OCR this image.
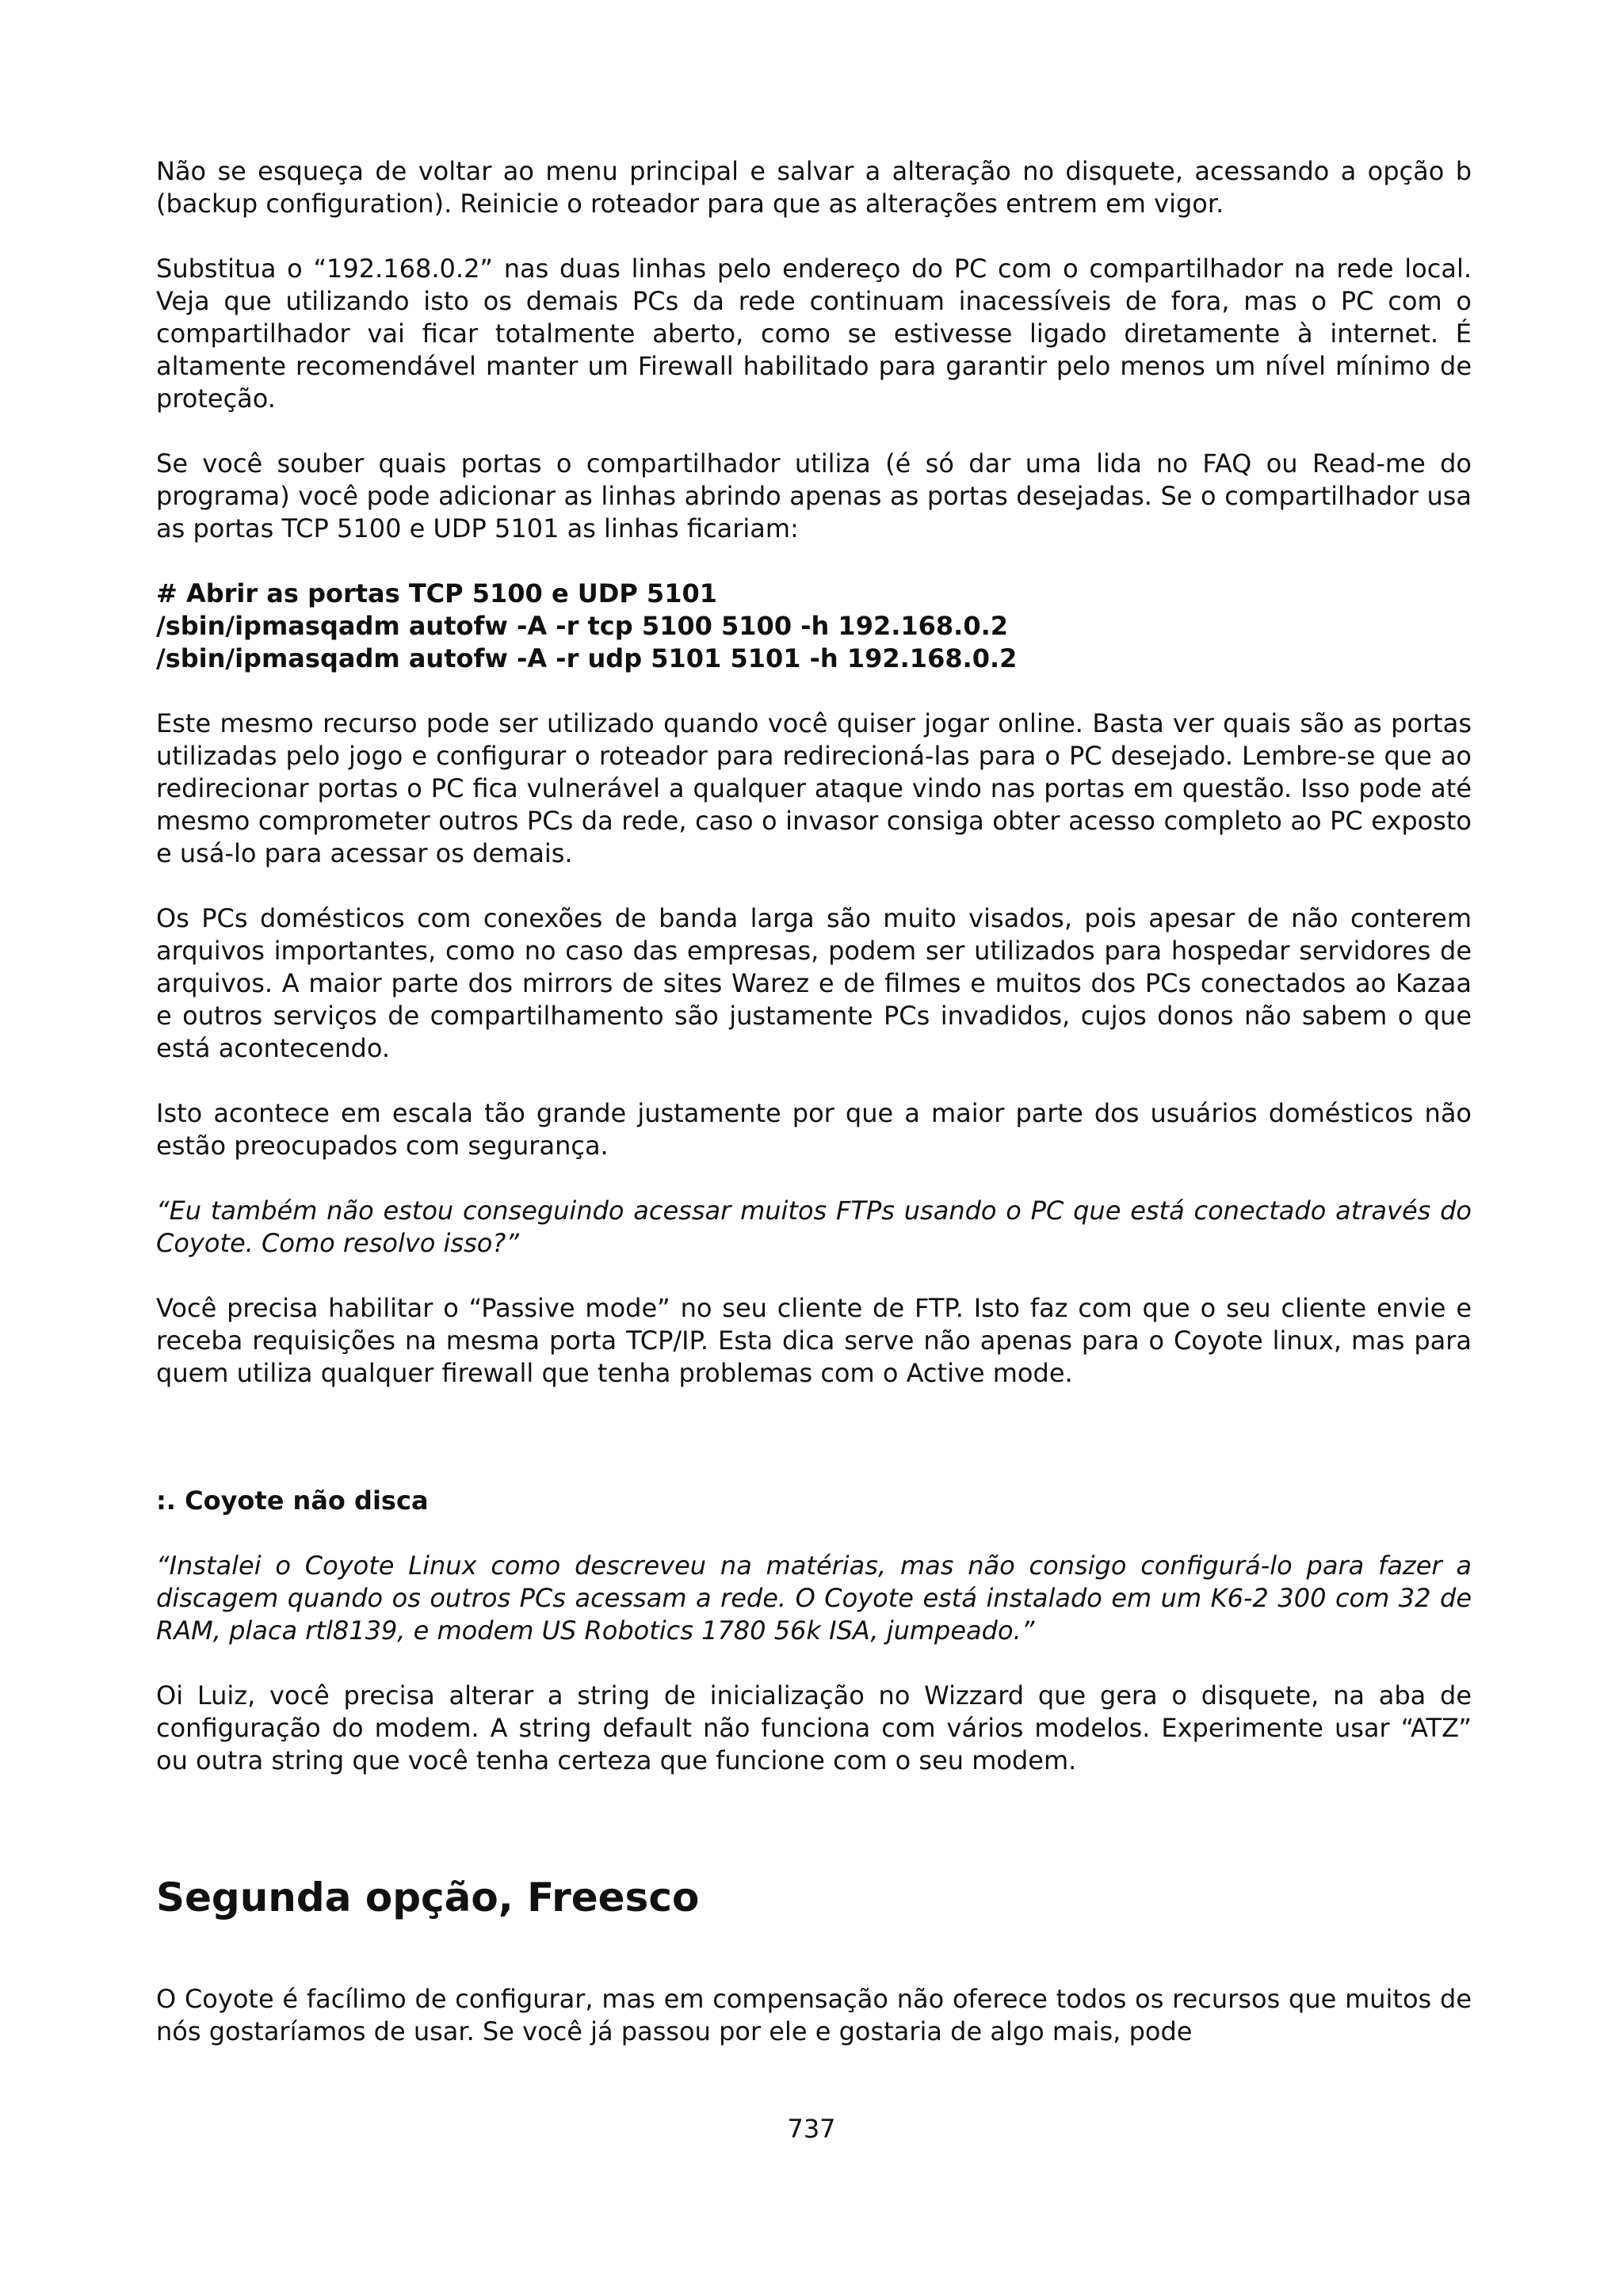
Não se esqueça de voltar ao menu principal e salvar a alteração no disquete, acessando a opção b (backup configuration). Reinicie o roteador para que as alterações entrem em vigor.

Substitua o “192.168.0.2” nas duas linhas pelo endereço do PC com o compartilhador na rede local. Veja que utilizando isto os demais PCs da rede continuam inacessíveis de fora, mas o PC com o compartilhador vai ficar totalmente aberto, como se estivesse ligado diretamente à internet. É altamente recomendável manter um Firewall habilitado para garantir pelo menos um nível mínimo de proteção.

Se você souber quais portas o compartilhador utiliza (é só dar uma lida no FAQ ou Read-me do programa) você pode adicionar as linhas abrindo apenas as portas desejadas. Se o compartilhador usa as portas TCP 5100 e UDP 5101 as linhas ficariam:

# Abrir as portas TCP 5100 e UDP 5101
/sbin/ipmasqadm autofw -A -r tcp 5100 5100 -h 192.168.0.2
/sbin/ipmasqadm autofw -A -r udp 5101 5101 -h 192.168.0.2

Este mesmo recurso pode ser utilizado quando você quiser jogar online. Basta ver quais são as portas utilizadas pelo jogo e configurar o roteador para redirecioná-las para o PC desejado. Lembre-se que ao redirecionar portas o PC fica vulnerável a qualquer ataque vindo nas portas em questão. Isso pode até mesmo comprometer outros PCs da rede, caso o invasor consiga obter acesso completo ao PC exposto e usá-lo para acessar os demais.

Os PCs domésticos com conexões de banda larga são muito visados, pois apesar de não conterem arquivos importantes, como no caso das empresas, podem ser utilizados para hospedar servidores de arquivos. A maior parte dos mirrors de sites Warez e de filmes e muitos dos PCs conectados ao Kazaa e outros serviços de compartilhamento são justamente PCs invadidos, cujos donos não sabem o que está acontecendo.

Isto acontece em escala tão grande justamente por que a maior parte dos usuários domésticos não estão preocupados com segurança.

“Eu também não estou conseguindo acessar muitos FTPs usando o PC que está conectado através do Coyote. Como resolvo isso?”

Você precisa habilitar o “Passive mode” no seu cliente de FTP. Isto faz com que o seu cliente envie e receba requisições na mesma porta TCP/IP. Esta dica serve não apenas para o Coyote linux, mas para quem utiliza qualquer firewall que tenha problemas com o Active mode.

:. Coyote não disca

“Instalei o Coyote Linux como descreveu na matérias, mas não consigo configurá-lo para fazer a discagem quando os outros PCs acessam a rede. O Coyote está instalado em um K6-2 300 com 32 de RAM, placa rtl8139, e modem US Robotics 1780 56k ISA, jumpeado.”

Oi Luiz, você precisa alterar a string de inicialização no Wizzard que gera o disquete, na aba de configuração do modem. A string default não funciona com vários modelos. Experimente usar “ATZ” ou outra string que você tenha certeza que funcione com o seu modem.

Segunda opção, Freesco

O Coyote é facílimo de configurar, mas em compensação não oferece todos os recursos que muitos de nós gostaríamos de usar. Se você já passou por ele e gostaria de algo mais, pode

737
